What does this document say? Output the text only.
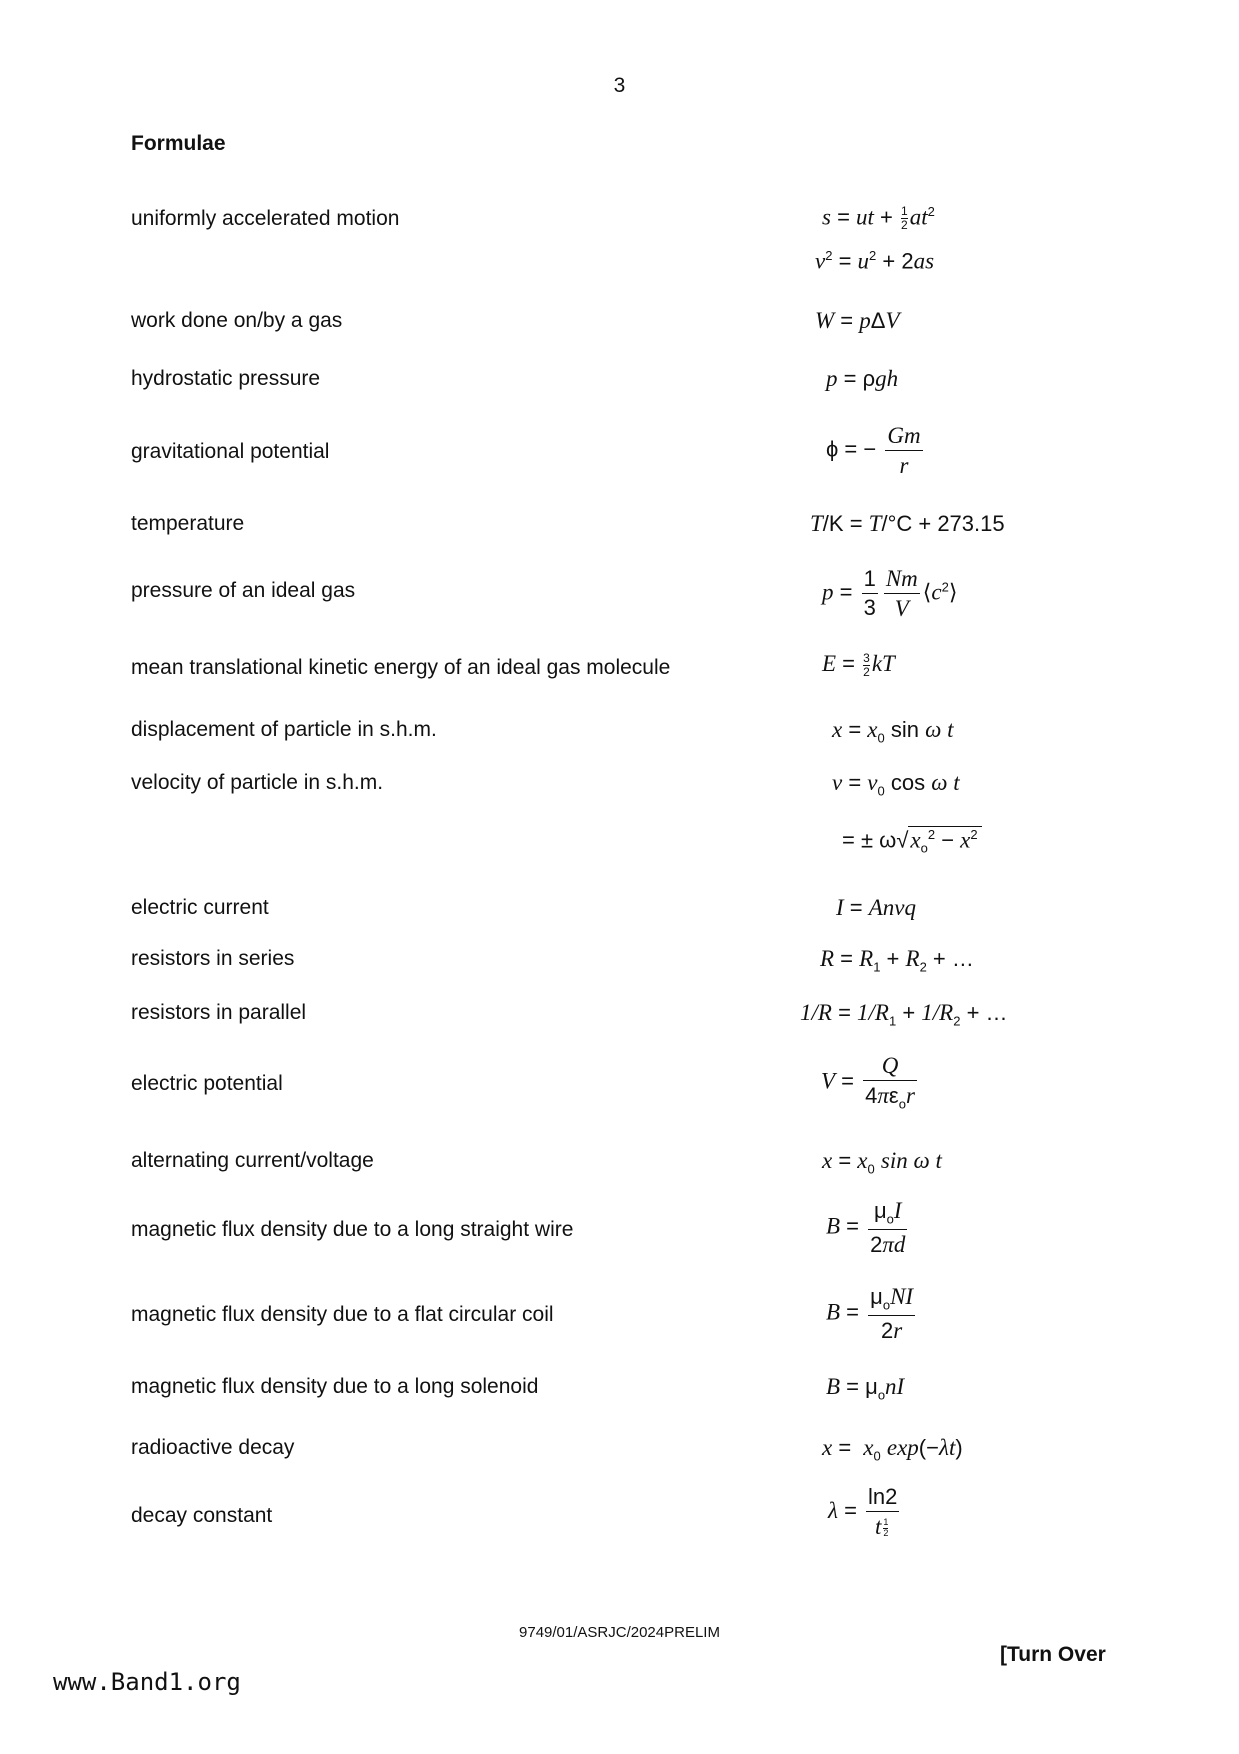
3
Formulae
uniformly accelerated motion
work done on/by a gas
hydrostatic pressure
gravitational potential
temperature
pressure of an ideal gas
mean translational kinetic energy of an ideal gas molecule
displacement of particle in s.h.m.
velocity of particle in s.h.m.
electric current
resistors in series
resistors in parallel
electric potential
alternating current/voltage
magnetic flux density due to a long straight wire
magnetic flux density due to a flat circular coil
magnetic flux density due to a long solenoid
radioactive decay
decay constant
s = ut + $\frac{1}{2} at^2$
$v^2 = u^2 + 2as$
W = pΔV
p = ρgh
ϕ = − $\frac{Gm}{r}$
T/K = T/°C + 273.15
$p = \frac{1}{3} \frac{Nm}{V}$ $⟨c^2⟩$
$E = \frac{3}{2}$ kT
$x = x_0$ sin ω t
$v = v_0$ cos ω t
= ± $\omega√x_o^2 - x^2$
I = Anvq
$R = R_1 + R_2$ + …
$1/R = 1/R_1 + 1/R_2$ + …
$V = \frac{Q}{4\pi\varepsilon_or}$
$x = x_0$ sin ω t
$B = \frac{\mu_oI}{2\pi d}$
$B = \frac{\mu_oNI}{2r}$
$B = \mu_onI$
$x = x_0$ exp(−λt)
$\lambda = \frac{\ln 2}{t \frac{1}{2}}$
9749/01/ASRJC/2024PRELIM
[Turn Over
www.Band1.org
